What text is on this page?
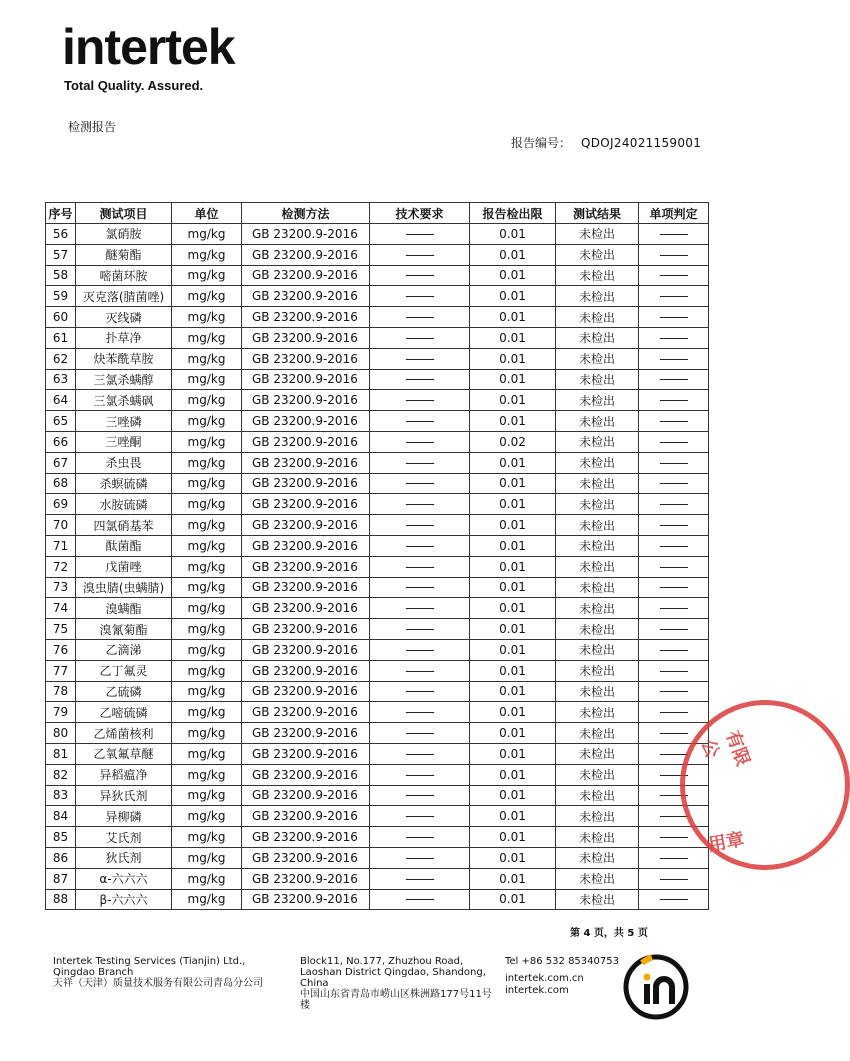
intertek
Total Quality. Assured.
检测报告
报告编号： QDOJ24021159001
序号	测试项目	单位	检测方法	技术要求	报告检出限	测试结果	单项判定
56	氯硝胺	mg/kg	GB 23200.9-2016		0.01	未检出	

57	醚菊酯	mg/kg	GB 23200.9-2016		0.01	未检出	

58	嘧菌环胺	mg/kg	GB 23200.9-2016		0.01	未检出	

59	灭克落(腈菌唑)	mg/kg	GB 23200.9-2016		0.01	未检出	

60	灭线磷	mg/kg	GB 23200.9-2016		0.01	未检出	

61	扑草净	mg/kg	GB 23200.9-2016		0.01	未检出	

62	炔苯酰草胺	mg/kg	GB 23200.9-2016		0.01	未检出	

63	三氯杀螨醇	mg/kg	GB 23200.9-2016		0.01	未检出	

64	三氯杀螨砜	mg/kg	GB 23200.9-2016		0.01	未检出	

65	三唑磷	mg/kg	GB 23200.9-2016		0.01	未检出	

66	三唑酮	mg/kg	GB 23200.9-2016		0.02	未检出	

67	杀虫畏	mg/kg	GB 23200.9-2016		0.01	未检出	

68	杀螟硫磷	mg/kg	GB 23200.9-2016		0.01	未检出	

69	水胺硫磷	mg/kg	GB 23200.9-2016		0.01	未检出	

70	四氯硝基苯	mg/kg	GB 23200.9-2016		0.01	未检出	

71	酞菌酯	mg/kg	GB 23200.9-2016		0.01	未检出	

72	戊菌唑	mg/kg	GB 23200.9-2016		0.01	未检出	

73	溴虫腈(虫螨腈)	mg/kg	GB 23200.9-2016		0.01	未检出	

74	溴螨酯	mg/kg	GB 23200.9-2016		0.01	未检出	

75	溴氰菊酯	mg/kg	GB 23200.9-2016		0.01	未检出	

76	乙滴涕	mg/kg	GB 23200.9-2016		0.01	未检出	

77	乙丁氟灵	mg/kg	GB 23200.9-2016		0.01	未检出	

78	乙硫磷	mg/kg	GB 23200.9-2016		0.01	未检出	

79	乙嘧硫磷	mg/kg	GB 23200.9-2016		0.01	未检出	

80	乙烯菌核利	mg/kg	GB 23200.9-2016		0.01	未检出	

81	乙氧氟草醚	mg/kg	GB 23200.9-2016		0.01	未检出	

82	异稻瘟净	mg/kg	GB 23200.9-2016		0.01	未检出	

83	异狄氏剂	mg/kg	GB 23200.9-2016		0.01	未检出	

84	异柳磷	mg/kg	GB 23200.9-2016		0.01	未检出	

85	艾氏剂	mg/kg	GB 23200.9-2016		0.01	未检出	

86	狄氏剂	mg/kg	GB 23200.9-2016		0.01	未检出	

87	α-六六六	mg/kg	GB 23200.9-2016		0.01	未检出	

88	β-六六六	mg/kg	GB 23200.9-2016		0.01	未检出	
有限公
用章
第 4 页，共 5 页
Intertek Testing Services (Tianjin) Ltd., Qingdao Branch
天祥（天津）质量技术服务有限公司青岛分公司
Block11, No.177, Zhuzhou Road, Laoshan District Qingdao, Shandong, China
中国山东省青岛市崂山区株洲路177号11号楼
Tel +86 532 85340753
intertek.com.cn
intertek.com
